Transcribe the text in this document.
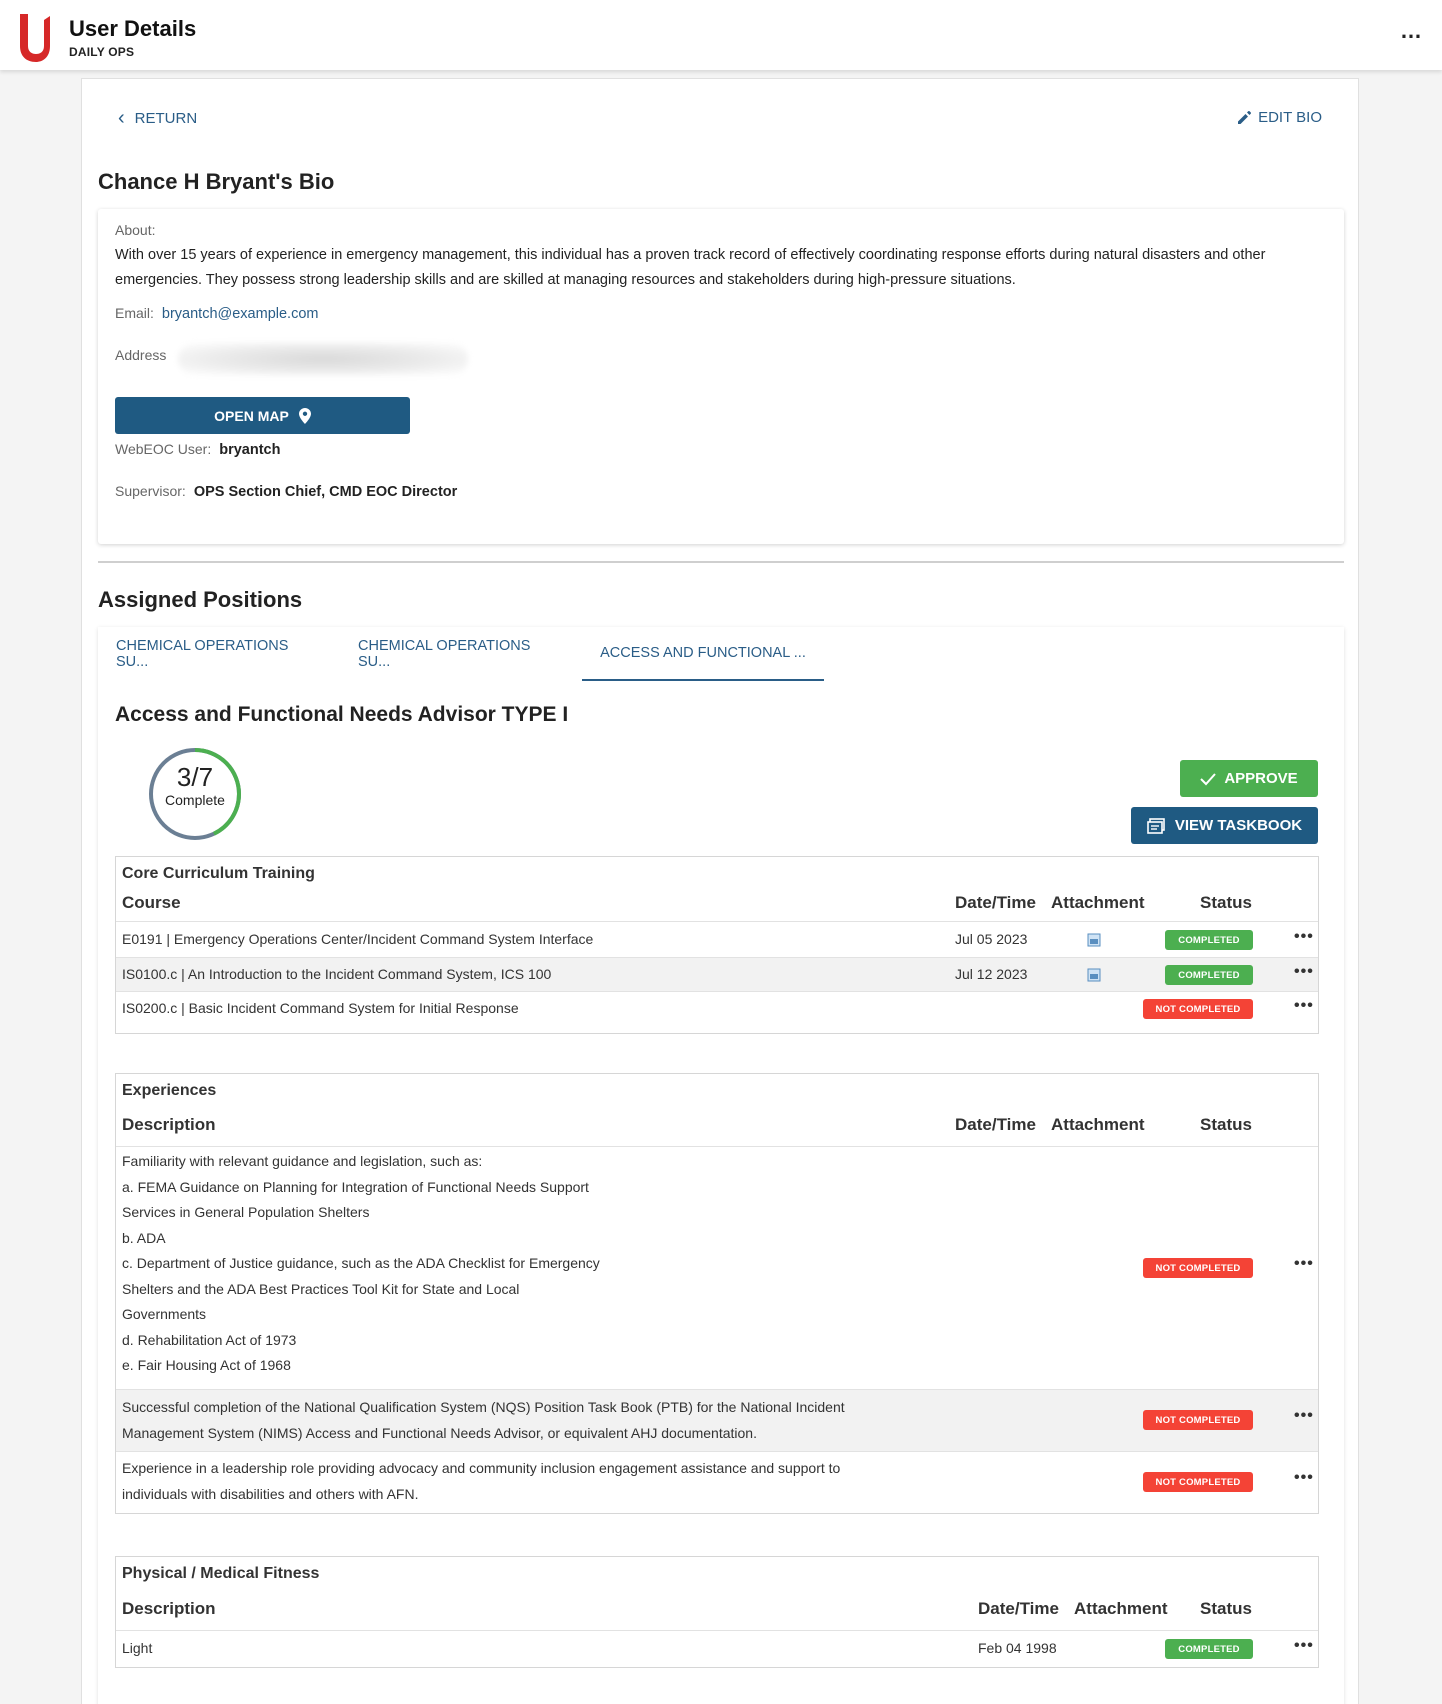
User Details
DAILY OPS
…
‹ RETURN	EDIT BIO
Chance H Bryant's Bio
About:
With over 15 years of experience in emergency management, this individual has a proven track record of effectively coordinating response efforts during natural disasters and other emergencies. They possess strong leadership skills and are skilled at managing resources and stakeholders during high-pressure situations.
Email: bryantch@example.com
Address
OPEN MAP
WebEOC User: bryantch
Supervisor: OPS Section Chief, CMD EOC Director
Assigned Positions
CHEMICAL OPERATIONS SU...
CHEMICAL OPERATIONS SU...
ACCESS AND FUNCTIONAL ...
Access and Functional Needs Advisor TYPE I
3/7
Complete
APPROVE
VIEW TASKBOOK
Core Curriculum Training
Course	Date/Time Attachment	Status
E0191 | Emergency Operations Center/Incident Command System Interface	Jul 05 2023	COMPLETED	•••
IS0100.c | An Introduction to the Incident Command System, ICS 100	Jul 12 2023	COMPLETED	•••
IS0200.c | Basic Incident Command System for Initial Response	NOT COMPLETED	•••
Experiences
Description	Date/Time Attachment	Status
Familiarity with relevant guidance and legislation, such as:
a. FEMA Guidance on Planning for Integration of Functional Needs Support
Services in General Population Shelters
b. ADA
c. Department of Justice guidance, such as the ADA Checklist for Emergency
Shelters and the ADA Best Practices Tool Kit for State and Local
Governments
d. Rehabilitation Act of 1973
e. Fair Housing Act of 1968
NOT COMPLETED	•••
Successful completion of the National Qualification System (NQS) Position Task Book (PTB) for the National Incident
Management System (NIMS) Access and Functional Needs Advisor, or equivalent AHJ documentation.
NOT COMPLETED	•••
Experience in a leadership role providing advocacy and community inclusion engagement assistance and support to
individuals with disabilities and others with AFN.
NOT COMPLETED	•••
Physical / Medical Fitness
Description	Date/Time Attachment Status
Light	Feb 04 1998	COMPLETED	•••
